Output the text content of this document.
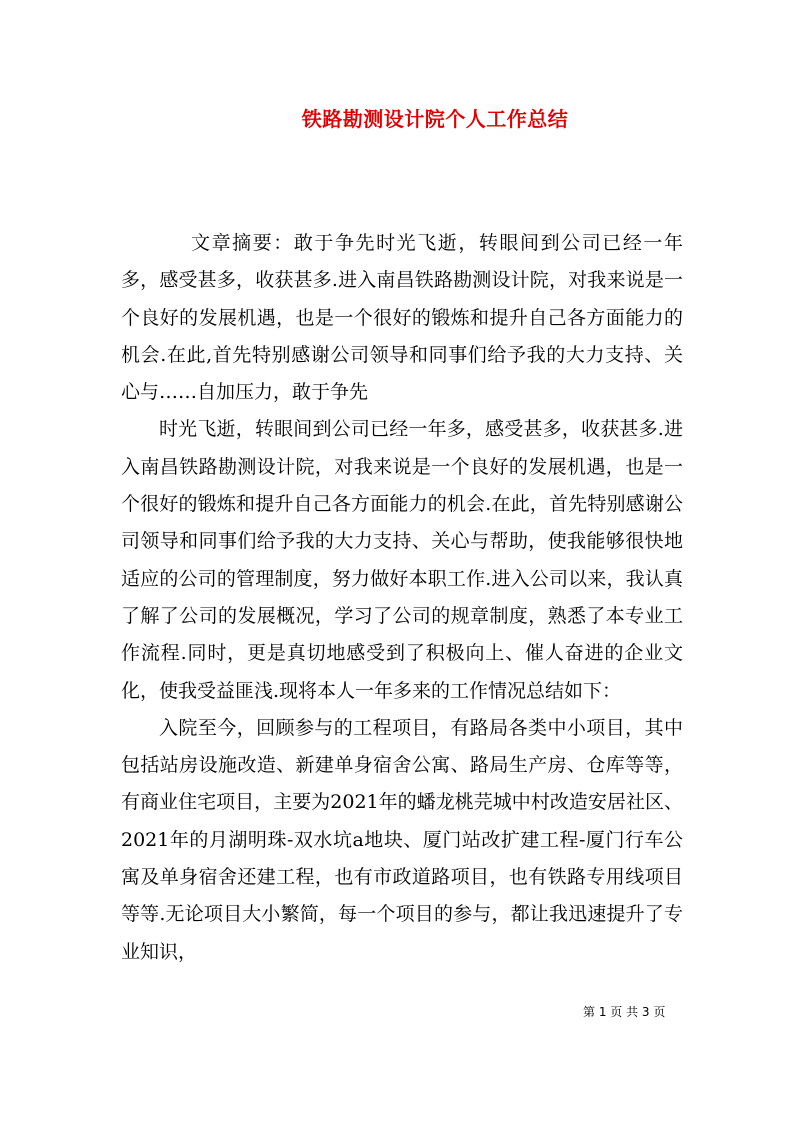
铁路勘测设计院个人工作总结

文章摘要：敢于争先时光飞逝，转眼间到公司已经一年多，感受甚多，收获甚多.进入南昌铁路勘测设计院，对我来说是一个良好的发展机遇，也是一个很好的锻炼和提升自己各方面能力的机会.在此,首先特别感谢公司领导和同事们给予我的大力支持、关心与……自加压力，敢于争先

时光飞逝，转眼间到公司已经一年多，感受甚多，收获甚多.进入南昌铁路勘测设计院，对我来说是一个良好的发展机遇，也是一个很好的锻炼和提升自己各方面能力的机会.在此，首先特别感谢公司领导和同事们给予我的大力支持、关心与帮助，使我能够很快地适应的公司的管理制度，努力做好本职工作.进入公司以来，我认真了解了公司的发展概况，学习了公司的规章制度，熟悉了本专业工作流程.同时，更是真切地感受到了积极向上、催人奋进的企业文化，使我受益匪浅.现将本人一年多来的工作情况总结如下：

入院至今，回顾参与的工程项目，有路局各类中小项目，其中包括站房设施改造、新建单身宿舍公寓、路局生产房、仓库等等，有商业住宅项目，主要为2021年的蟠龙桃芫城中村改造安居社区、2021年的月湖明珠-双水坑a地块、厦门站改扩建工程-厦门行车公寓及单身宿舍还建工程，也有市政道路项目，也有铁路专用线项目等等.无论项目大小繁简，每一个项目的参与，都让我迅速提升了专业知识，

第 1 页 共 3 页
